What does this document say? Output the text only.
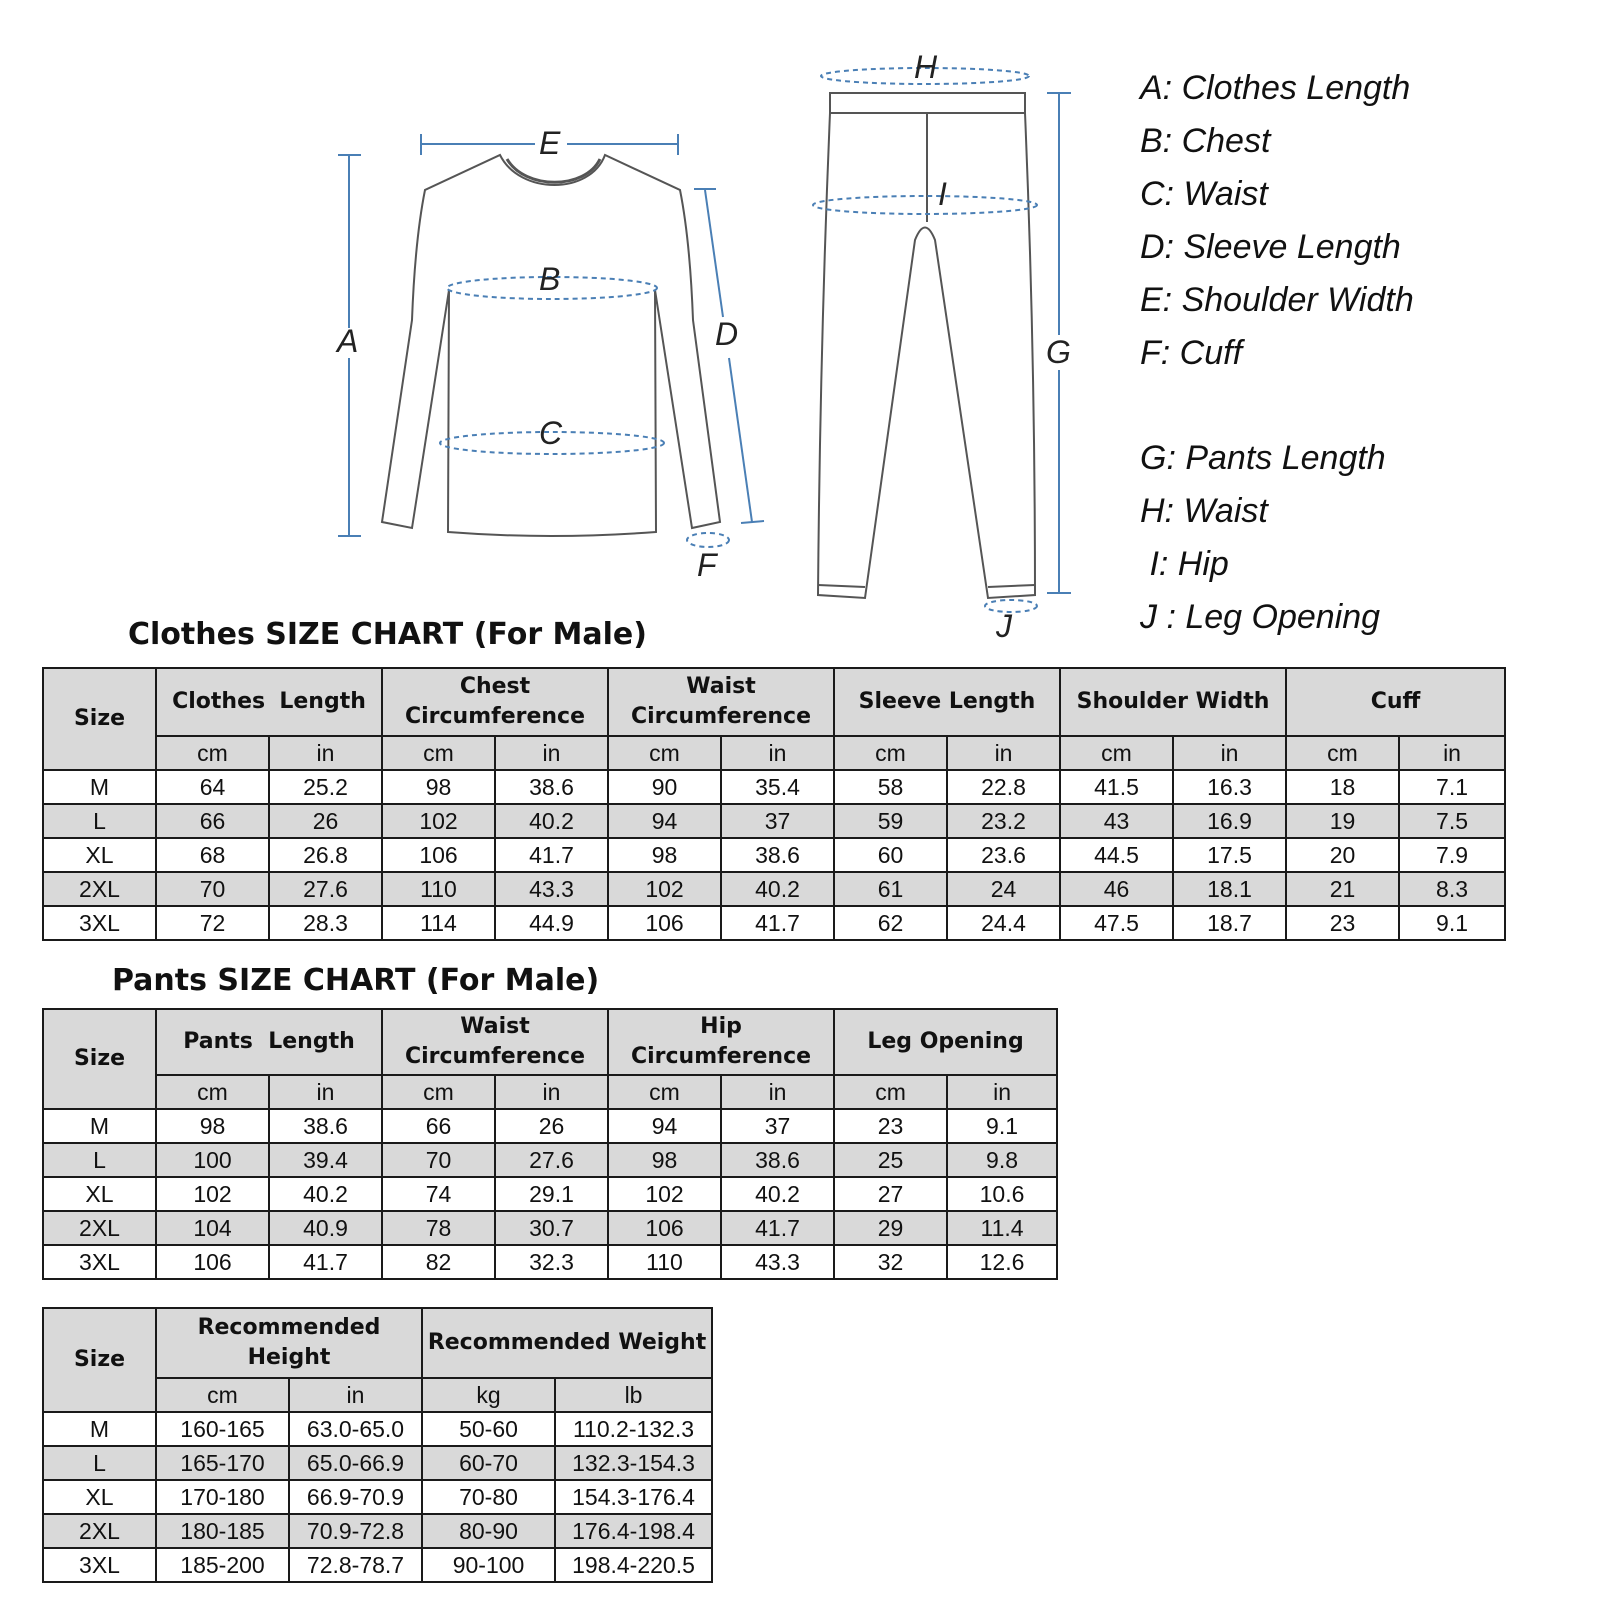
A
E
B
C
D
F
H
I
G
J
A: Clothes Length
B: Chest
C: Waist
D: Sleeve Length
E: Shoulder Width
F: Cuff
G: Pants Length
H: Waist
I: Hip
J : Leg Opening
Clothes SIZE CHART (For Male)
Size	Clothes Length		Chest Circumference		Waist Circumference		Sleeve Length		Shoulder Width		Cuff	
	cm	in	cm	in	cm	in	cm	in	cm	in	cm	in
M	64	25.2	98	38.6	90	35.4	58	22.8	41.5	16.3	18	7.1
L	66	26	102	40.2	94	37	59	23.2	43	16.9	19	7.5
XL	68	26.8	106	41.7	98	38.6	60	23.6	44.5	17.5	20	7.9
2XL	70	27.6	110	43.3	102	40.2	61	24	46	18.1	21	8.3
3XL	72	28.3	114	44.9	106	41.7	62	24.4	47.5	18.7	23	9.1
Pants SIZE CHART (For Male)
Size	Pants  Length		Waist Circumference		Hip Circumference		Leg Opening	
	cm	in	cm	in	cm	in	cm	in
M	98	38.6	66	26	94	37	23	9.1
L	100	39.4	70	27.6	98	38.6	25	9.8
XL	102	40.2	74	29.1	102	40.2	27	10.6
2XL	104	40.9	78	30.7	106	41.7	29	11.4
3XL	106	41.7	82	32.3	110	43.3	32	12.6
Size	Recommended Height		Recommended Weight	
	cm	in	kg	lb
M	160-165	63.0-65.0	50-60	110.2-132.3
L	165-170	65.0-66.9	60-70	132.3-154.3
XL	170-180	66.9-70.9	70-80	154.3-176.4
2XL	180-185	70.9-72.8	80-90	176.4-198.4
3XL	185-200	72.8-78.7	90-100	198.4-220.5
